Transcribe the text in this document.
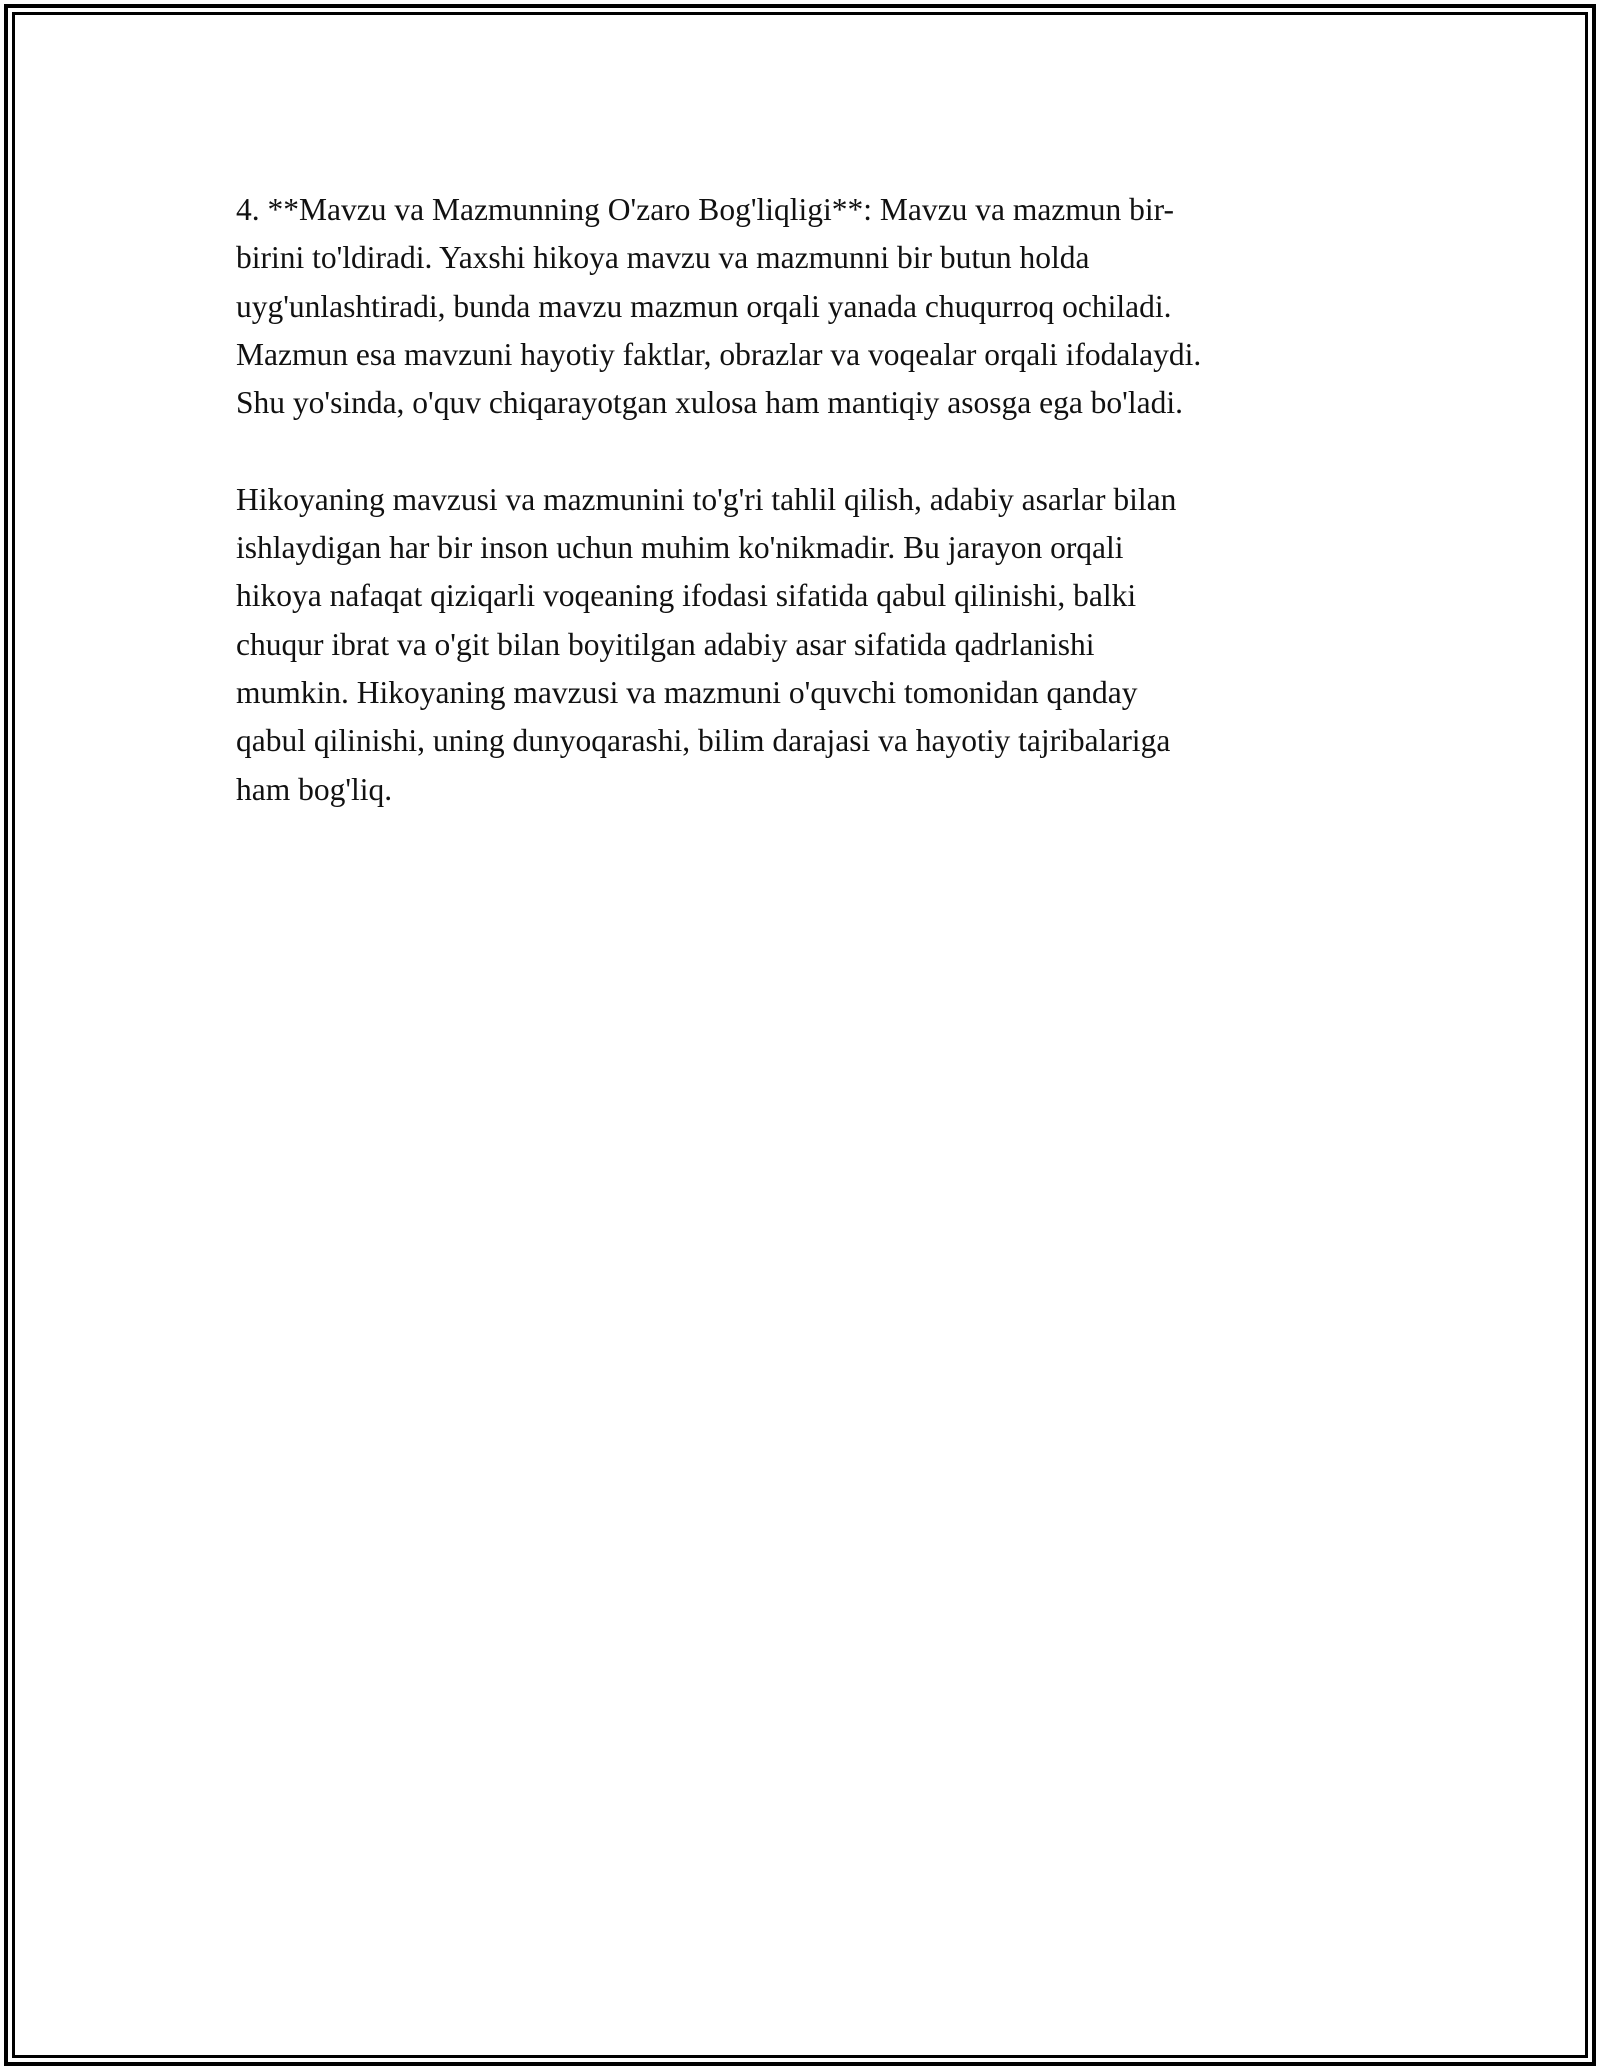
4. **Mavzu va Mazmunning O'zaro Bog'liqligi**: Mavzu va mazmun bir-
birini to'ldiradi. Yaxshi hikoya mavzu va mazmunni bir butun holda
uyg'unlashtiradi, bunda mavzu mazmun orqali yanada chuqurroq ochiladi.
Mazmun esa mavzuni hayotiy faktlar, obrazlar va voqealar orqali ifodalaydi.
Shu yo'sinda, o'quv chiqarayotgan xulosa ham mantiqiy asosga ega bo'ladi.

Hikoyaning mavzusi va mazmunini to'g'ri tahlil qilish, adabiy asarlar bilan
ishlaydigan har bir inson uchun muhim ko'nikmadir. Bu jarayon orqali
hikoya nafaqat qiziqarli voqeaning ifodasi sifatida qabul qilinishi, balki
chuqur ibrat va o'git bilan boyitilgan adabiy asar sifatida qadrlanishi
mumkin. Hikoyaning mavzusi va mazmuni o'quvchi tomonidan qanday
qabul qilinishi, uning dunyoqarashi, bilim darajasi va hayotiy tajribalariga
ham bog'liq.
